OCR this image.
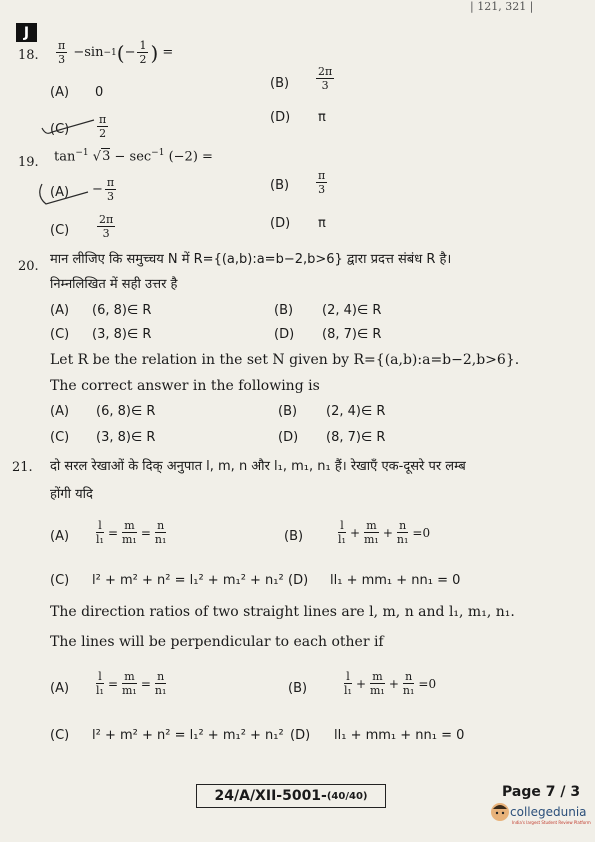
J
| 121, 321 |
18. $\frac{\pi}{3} - \sin -1$ ( − $\frac{1}{2}$ )
=
(A) 0
$(B) \frac{2\pi}{3}$
(C)	$\frac{\pi}{2}$	(D) π
19. $\tan^{-1} √3 - \sec^{-1} (-2)$ =
$(A) - \frac{\pi}{3}$	$(B) \frac{\pi}{3}$
(C)	$\frac{2\pi}{3}$	(D) π
20. मान लीजिए कि समुच्चय N में R={(a,b):a=b−2,b>6} द्वारा प्रदत्त संबंध R है।
निम्नलिखित में सही उत्तर है
(A) (6, 8)∈ R	(B) (2, 4)∈ R
(C) (3, 8)∈ R	(D) (8, 7)∈ R
Let R be the relation in the set N given by R={(a,b):a=b−2,b>6}.
The correct answer in the following is
(A) (6, 8)∈ R	(B) (2, 4)∈ R
(C) (3, 8)∈ R	(D) (8, 7)∈ R
21. दो सरल रेखाओं के दिक् अनुपात l, m, n और l₁, m₁, n₁ हैं। रेखाएँ एक-दूसरे पर लम्ब
होंगी यदि
$(A) \frac{l}{\text{l₁}} = \frac{m}{\text{m₁}} = \frac{n}{\text{n₁}}$	(B)	$\frac{l}{\text{l₁}} + \frac{m}{\text{m₁}} + \frac{n}{\text{n₁}} =0$
(C) l² + m² + n² = l₁² + m₁² + n₁² (D) ll₁ + mm₁ + nn₁ = 0
The direction ratios of two straight lines are l, m, n and l₁, m₁, n₁.
The lines will be perpendicular to each other if
$(A) \frac{l}{\text{l₁}} = \frac{m}{\text{m₁}} = \frac{n}{\text{n₁}}$	(B)	$\frac{l}{\text{l₁}} + \frac{m}{\text{m₁}} + \frac{n}{\text{n₁}} =0$
(C) l² + m² + n² = l₁² + m₁² + n₁² (D) ll₁ + mm₁ + nn₁ = 0
24/A/XII-5001- (40/40)	Page 7 / 3
collegedunia
India's largest Student Review Platform
